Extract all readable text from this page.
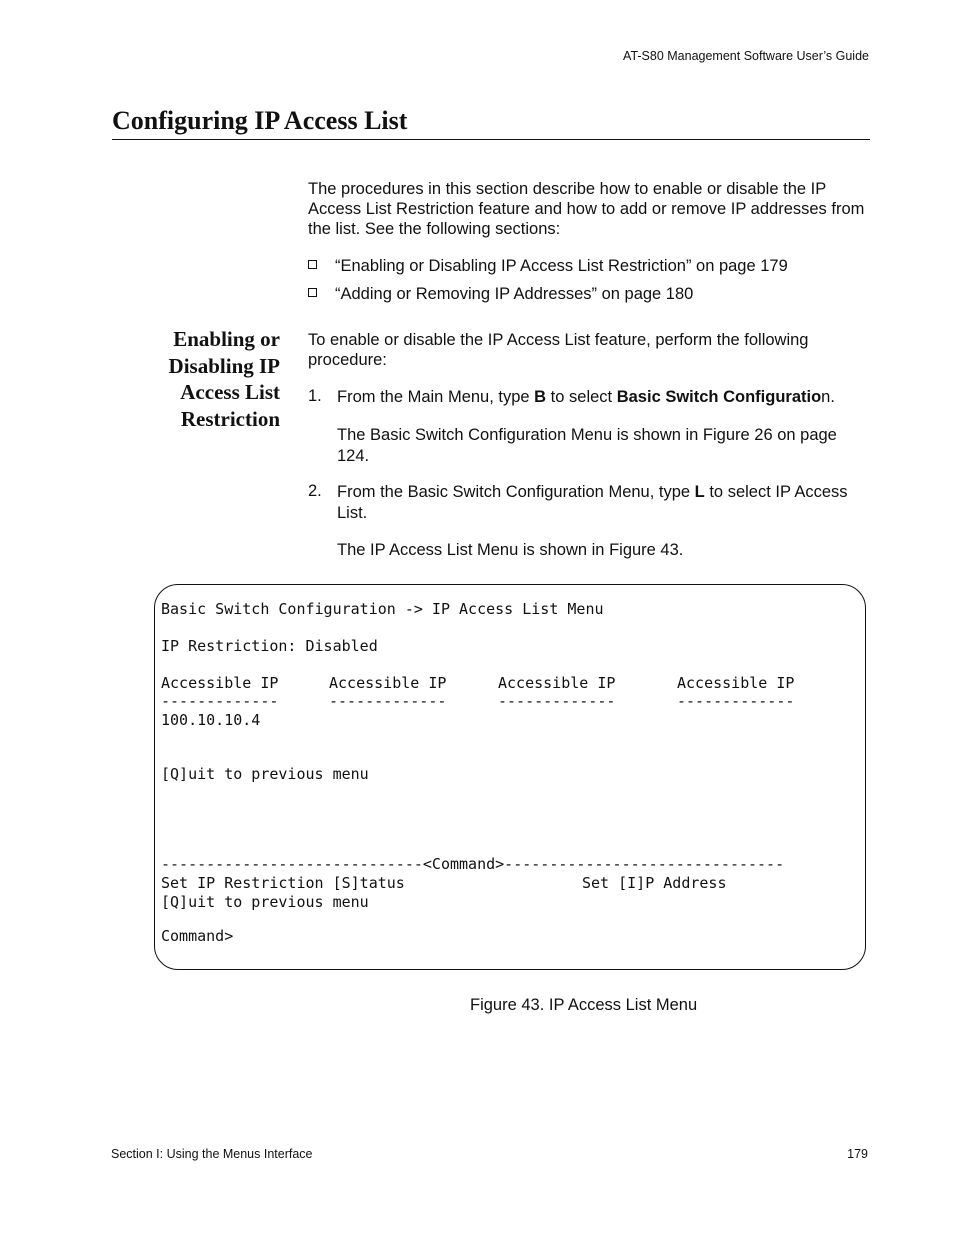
AT-S80 Management Software User’s Guide
Configuring IP Access List
The procedures in this section describe how to enable or disable the IP Access List Restriction feature and how to add or remove IP addresses from the list. See the following sections:
“Enabling or Disabling IP Access List Restriction” on page 179
“Adding or Removing IP Addresses” on page 180
Enabling or
Disabling IP
Access List
Restriction
To enable or disable the IP Access List feature, perform the following procedure:
1. From the Main Menu, type B to select Basic Switch Configuration.
The Basic Switch Configuration Menu is shown in Figure 26 on page 124.
2. From the Basic Switch Configuration Menu, type L to select IP Access List.
The IP Access List Menu is shown in Figure 43.
Basic Switch Configuration -> IP Access List Menu
IP Restriction: Disabled
Accessible IP	Accessible IP	Accessible IP	Accessible IP
-------------	-------------	-------------	-------------
100.10.10.4
[Q]uit to previous menu
-----------------------------<Command>-------------------------------
Set IP Restriction [S]tatus	Set [I]P Address
[Q]uit to previous menu
Command>
Figure 43. IP Access List Menu
Section I: Using the Menus Interface	179
